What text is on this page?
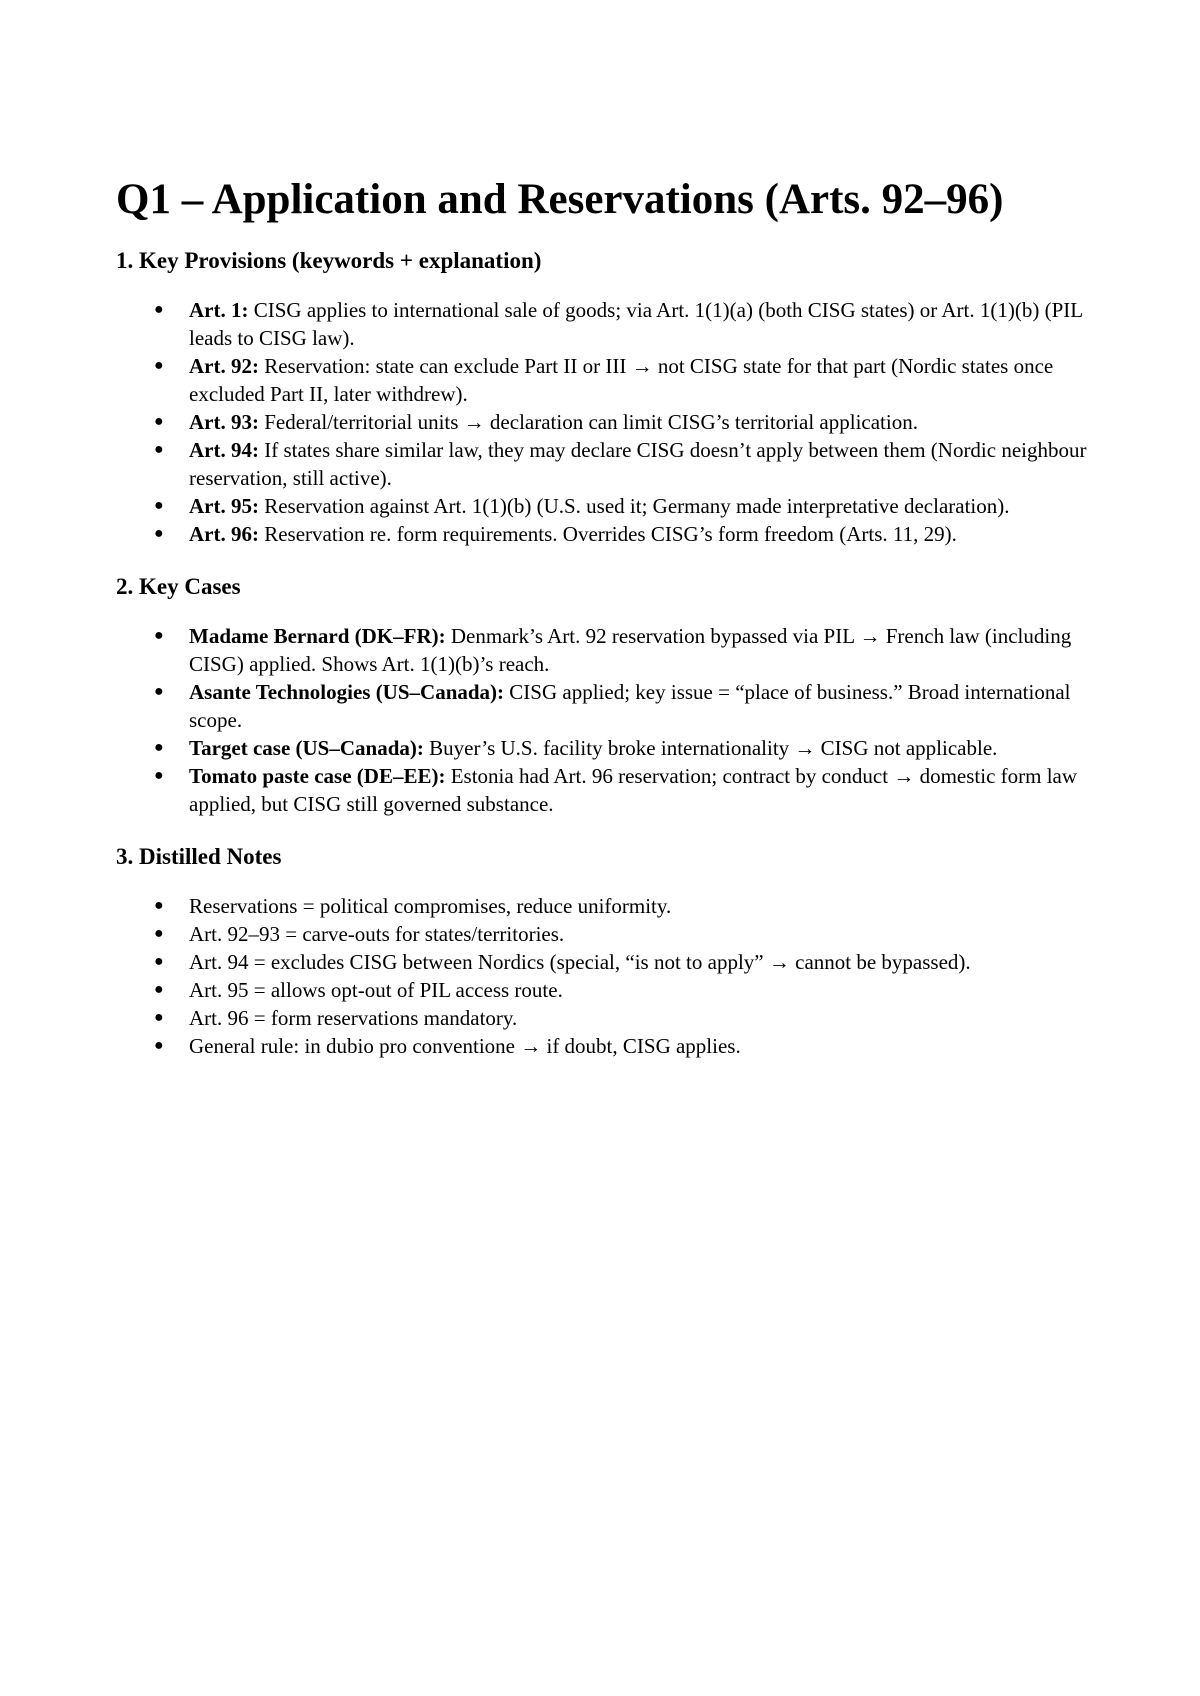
Q1 – Application and Reservations (Arts. 92–96)
1. Key Provisions (keywords + explanation)
● Art. 1: CISG applies to international sale of goods; via Art. 1(1)(a) (both CISG states) or Art. 1(1)(b) (PIL leads to CISG law).
● Art. 92: Reservation: state can exclude Part II or III → not CISG state for that part (Nordic states once excluded Part II, later withdrew).
● Art. 93: Federal/territorial units → declaration can limit CISG’s territorial application.
● Art. 94: If states share similar law, they may declare CISG doesn’t apply between them (Nordic neighbour reservation, still active).
● Art. 95: Reservation against Art. 1(1)(b) (U.S. used it; Germany made interpretative declaration).
● Art. 96: Reservation re. form requirements. Overrides CISG’s form freedom (Arts. 11, 29).
2. Key Cases
● Madame Bernard (DK–FR): Denmark’s Art. 92 reservation bypassed via PIL → French law (including CISG) applied. Shows Art. 1(1)(b)’s reach.
● Asante Technologies (US–Canada): CISG applied; key issue = “place of business.” Broad international scope.
● Target case (US–Canada): Buyer’s U.S. facility broke internationality → CISG not applicable.
● Tomato paste case (DE–EE): Estonia had Art. 96 reservation; contract by conduct → domestic form law applied, but CISG still governed substance.
3. Distilled Notes
● Reservations = political compromises, reduce uniformity.
● Art. 92–93 = carve-outs for states/territories.
● Art. 94 = excludes CISG between Nordics (special, “is not to apply” → cannot be bypassed).
● Art. 95 = allows opt-out of PIL access route.
● Art. 96 = form reservations mandatory.
● General rule: in dubio pro conventione → if doubt, CISG applies.
